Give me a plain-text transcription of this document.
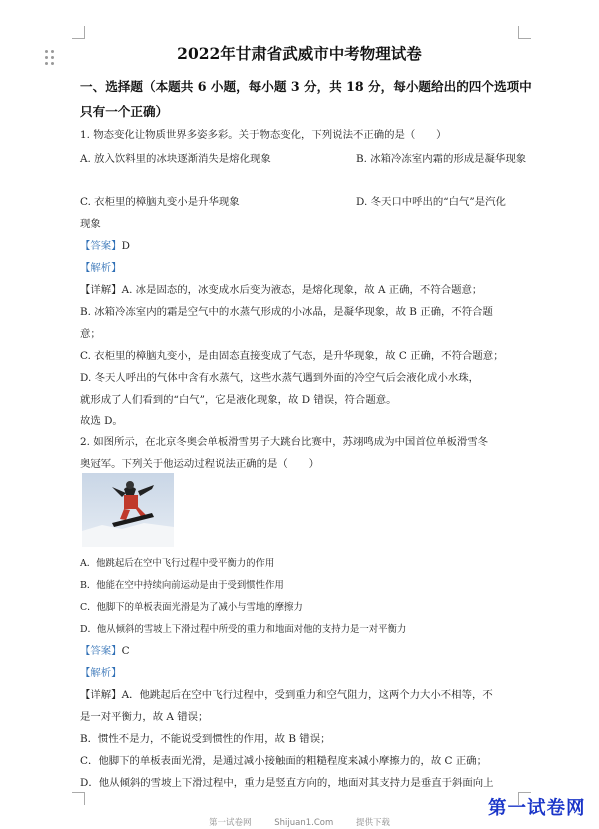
2022年甘肃省武威市中考物理试卷
一、选择题（本题共 6 小题，每小题 3 分，共 18 分，每小题给出的四个选项中
只有一个正确）
1. 物态变化让物质世界多姿多彩。关于物态变化，下列说法不正确的是（　　）
A. 放入饮料里的冰块逐渐消失是熔化现象	B. 冰箱冷冻室内霜的形成是凝华现象
C. 衣柜里的樟脑丸变小是升华现象	D. 冬天口中呼出的“白气”是汽化
现象
【答案】D
【解析】
【详解】A. 冰是固态的，冰变成水后变为液态，是熔化现象，故 A 正确，不符合题意；
B. 冰箱冷冻室内的霜是空气中的水蒸气形成的小冰晶，是凝华现象，故 B 正确，不符合题
意；
C. 衣柜里的樟脑丸变小，是由固态直接变成了气态，是升华现象，故 C 正确，不符合题意；
D. 冬天人呼出的气体中含有水蒸气，这些水蒸气遇到外面的冷空气后会液化成小水珠，
就形成了人们看到的“白气”，它是液化现象，故 D 错误，符合题意。
故选 D。
2. 如图所示，在北京冬奥会单板滑雪男子大跳台比赛中，苏翊鸣成为中国首位单板滑雪冬
奥冠军。下列关于他运动过程说法正确的是（　　）
A．他跳起后在空中飞行过程中受平衡力的作用
B．他能在空中持续向前运动是由于受到惯性作用
C．他脚下的单板表面光滑是为了减小与雪地的摩擦力
D．他从倾斜的雪坡上下滑过程中所受的重力和地面对他的支持力是一对平衡力
【答案】C
【解析】
【详解】A．他跳起后在空中飞行过程中，受到重力和空气阻力，这两个力大小不相等，不
是一对平衡力，故 A 错误；
B．惯性不是力，不能说受到惯性的作用，故 B 错误；
C．他脚下的单板表面光滑，是通过减小接触面的粗糙程度来减小摩擦力的，故 C 正确；
D．他从倾斜的雪坡上下滑过程中，重力是竖直方向的，地面对其支持力是垂直于斜面向上
第一试卷网
第一试卷网	Shijuan1.Com	提供下载
